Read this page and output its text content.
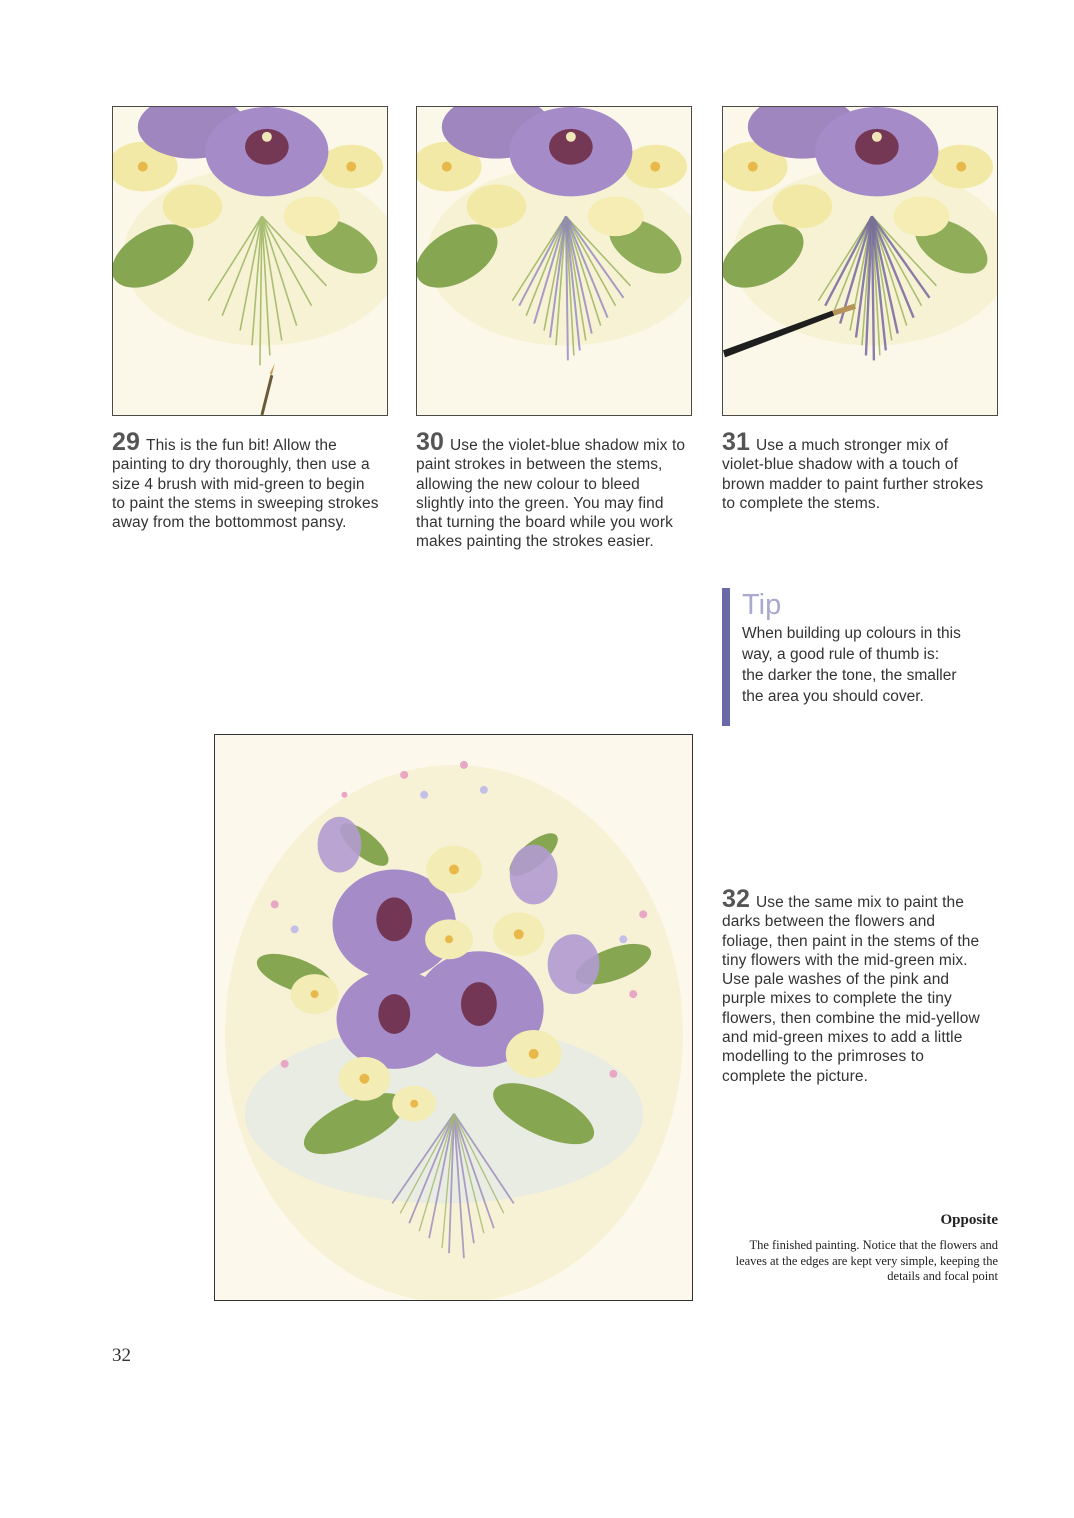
29 This is the fun bit! Allow the painting to dry thoroughly, then use a size 4 brush with mid-green to begin to paint the stems in sweeping strokes away from the bottommost pansy.
30 Use the violet-blue shadow mix to paint strokes in between the stems, allowing the new colour to bleed slightly into the green. You may find that turning the board while you work makes painting the strokes easier.
31 Use a much stronger mix of violet-blue shadow with a touch of brown madder to paint further strokes to complete the stems.
Tip
When building up colours in this way, a good rule of thumb is: the darker the tone, the smaller the area you should cover.
32 Use the same mix to paint the darks between the flowers and foliage, then paint in the stems of the tiny flowers with the mid-green mix. Use pale washes of the pink and purple mixes to complete the tiny flowers, then combine the mid-yellow and mid-green mixes to add a little modelling to the primroses to complete the picture.
Opposite
The finished painting. Notice that the flowers and leaves at the edges are kept very simple, keeping the details and focal point
32
